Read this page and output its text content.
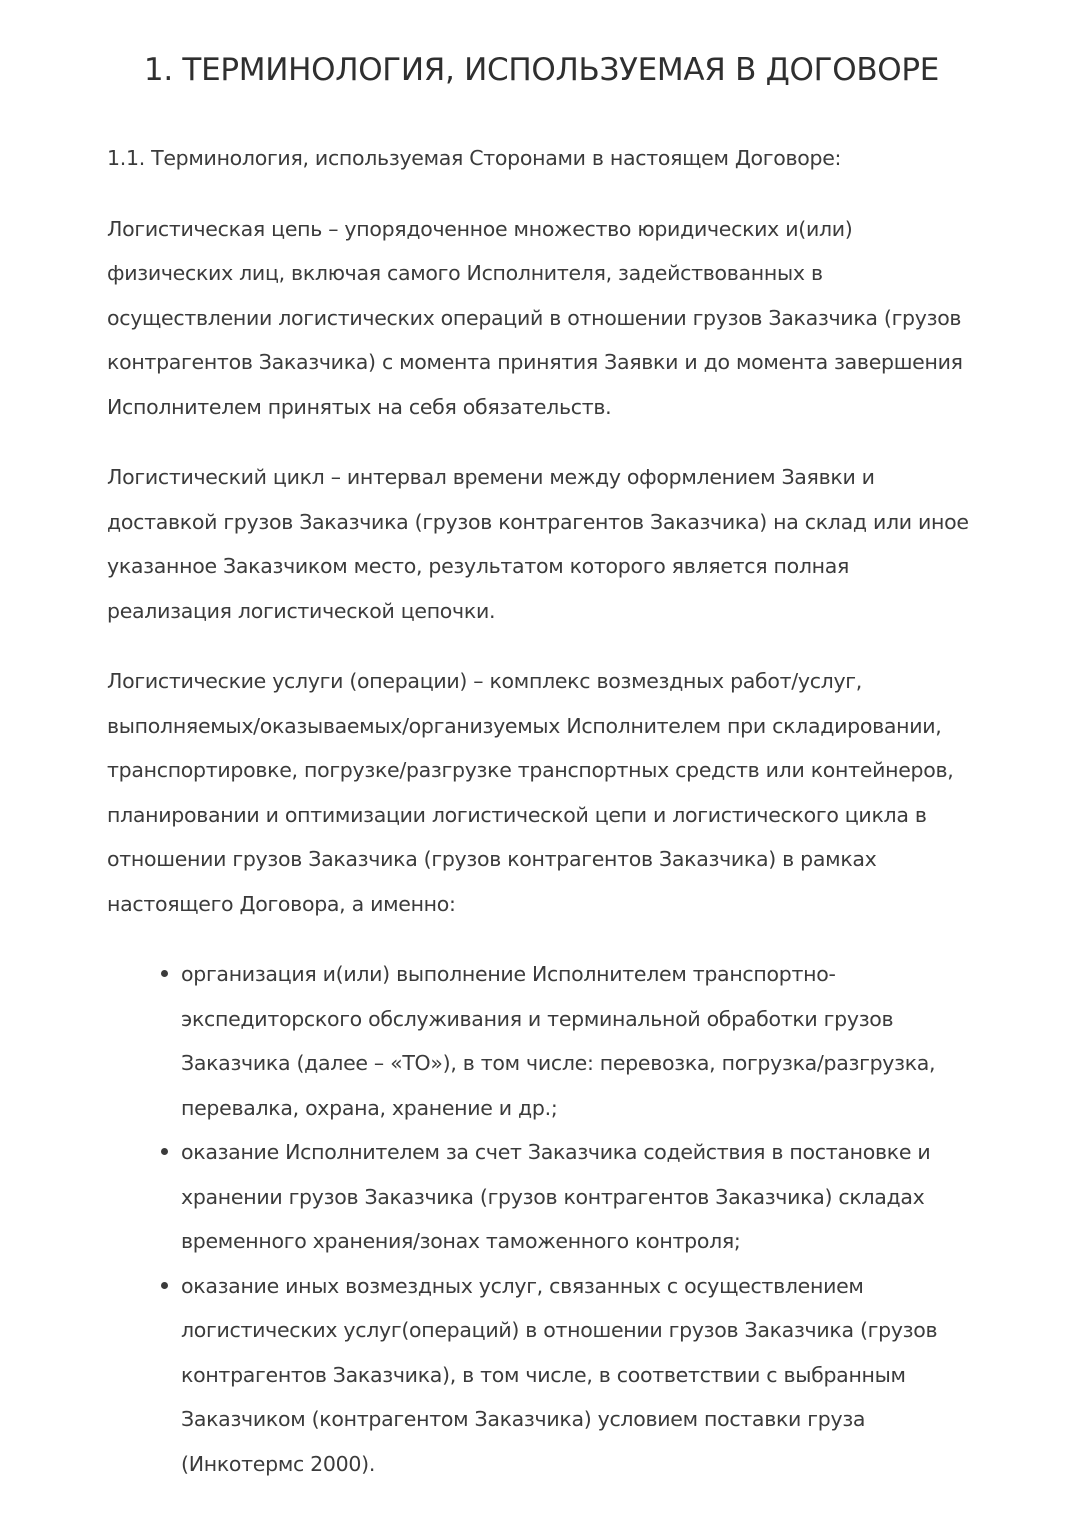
1. ТЕРМИНОЛОГИЯ, ИСПОЛЬЗУЕМАЯ В ДОГОВОРЕ

1.1. Терминология, используемая Сторонами в настоящем Договоре:

Логистическая цепь – упорядоченное множество юридических и(или) физических лиц, включая самого Исполнителя, задействованных в осуществлении логистических операций в отношении грузов Заказчика (грузов контрагентов Заказчика) с момента принятия Заявки и до момента завершения Исполнителем принятых на себя обязательств.

Логистический цикл – интервал времени между оформлением Заявки и доставкой грузов Заказчика (грузов контрагентов Заказчика) на склад или иное указанное Заказчиком место, результатом которого является полная реализация логистической цепочки.

Логистические услуги (операции) – комплекс возмездных работ/услуг, выполняемых/оказываемых/организуемых Исполнителем при складировании, транспортировке, погрузке/разгрузке транспортных средств или контейнеров, планировании и оптимизации логистической цепи и логистического цикла в отношении грузов Заказчика (грузов контрагентов Заказчика) в рамках настоящего Договора, а именно:

организация и(или) выполнение Исполнителем транспортно-экспедиторского обслуживания и терминальной обработки грузов Заказчика (далее – «ТО»), в том числе: перевозка, погрузка/разгрузка, перевалка, охрана, хранение и др.;
оказание Исполнителем за счет Заказчика содействия в постановке и хранении грузов Заказчика (грузов контрагентов Заказчика) складах временного хранения/зонах таможенного контроля;
оказание иных возмездных услуг, связанных с осуществлением логистических услуг(операций) в отношении грузов Заказчика (грузов контрагентов Заказчика), в том числе, в соответствии с выбранным Заказчиком (контрагентом Заказчика) условием поставки груза (Инкотермс 2000).
